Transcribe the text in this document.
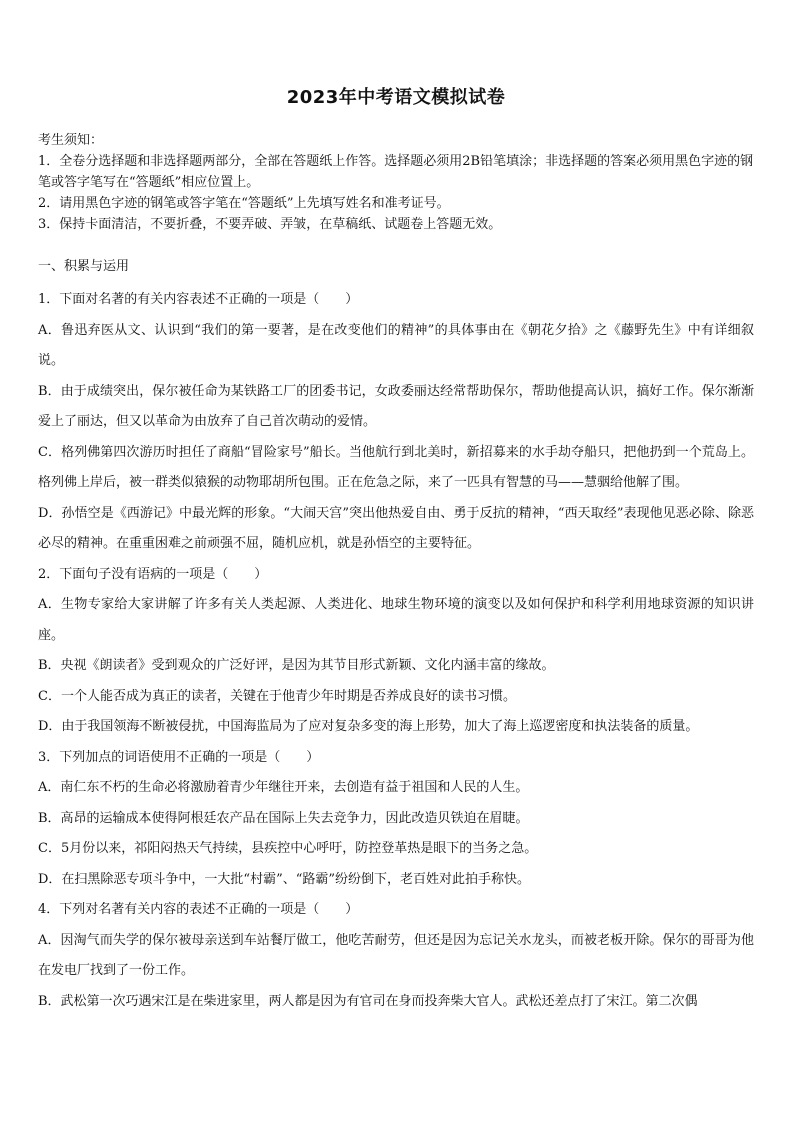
2023年中考语文模拟试卷

考生须知：

1．全卷分选择题和非选择题两部分，全部在答题纸上作答。选择题必须用2B铅笔填涂；非选择题的答案必须用黑色字迹的钢笔或答字笔写在“答题纸”相应位置上。

2．请用黑色字迹的钢笔或答字笔在“答题纸”上先填写姓名和准考证号。

3．保持卡面清洁，不要折叠，不要弄破、弄皱，在草稿纸、试题卷上答题无效。

一、积累与运用

1．下面对名著的有关内容表述不正确的一项是（　　）

A．鲁迅弃医从文、认识到“我们的第一要著，是在改变他们的精神”的具体事由在《朝花夕拾》之《藤野先生》中有详细叙说。

B．由于成绩突出，保尔被任命为某铁路工厂的团委书记，女政委丽达经常帮助保尔，帮助他提高认识，搞好工作。保尔渐渐爱上了丽达，但又以革命为由放弃了自己首次萌动的爱情。

C．格列佛第四次游历时担任了商船“冒险家号”船长。当他航行到北美时，新招募来的水手劫夺船只，把他扔到一个荒岛上。格列佛上岸后，被一群类似猿猴的动物耶胡所包围。正在危急之际，来了一匹具有智慧的马——慧骃给他解了围。

D．孙悟空是《西游记》中最光辉的形象。“大闹天宫”突出他热爱自由、勇于反抗的精神，“西天取经”表现他见恶必除、除恶必尽的精神。在重重困难之前顽强不屈，随机应机，就是孙悟空的主要特征。

2．下面句子没有语病的一项是（　　）

A．生物专家给大家讲解了许多有关人类起源、人类进化、地球生物环境的演变以及如何保护和科学利用地球资源的知识讲座。

B．央视《朗读者》受到观众的广泛好评，是因为其节目形式新颖、文化内涵丰富的缘故。

C．一个人能否成为真正的读者，关键在于他青少年时期是否养成良好的读书习惯。

D．由于我国领海不断被侵扰，中国海监局为了应对复杂多变的海上形势，加大了海上巡逻密度和执法装备的质量。

3．下列加点的词语使用不正确的一项是（　　）

A．南仁东不朽的生命必将激励着青少年继往开来，去创造有益于祖国和人民的人生。

B．高昂的运输成本使得阿根廷农产品在国际上失去竞争力，因此改造贝铁迫在眉睫。

C．5月份以来，祁阳闷热天气持续，县疾控中心呼吁，防控登革热是眼下的当务之急。

D．在扫黑除恶专项斗争中，一大批“村霸”、“路霸”纷纷倒下，老百姓对此拍手称快。

4．下列对名著有关内容的表述不正确的一项是（　　）

A．因淘气而失学的保尔被母亲送到车站餐厅做工，他吃苦耐劳，但还是因为忘记关水龙头，而被老板开除。保尔的哥哥为他在发电厂找到了一份工作。

B．武松第一次巧遇宋江是在柴进家里，两人都是因为有官司在身而投奔柴大官人。武松还差点打了宋江。第二次偶
